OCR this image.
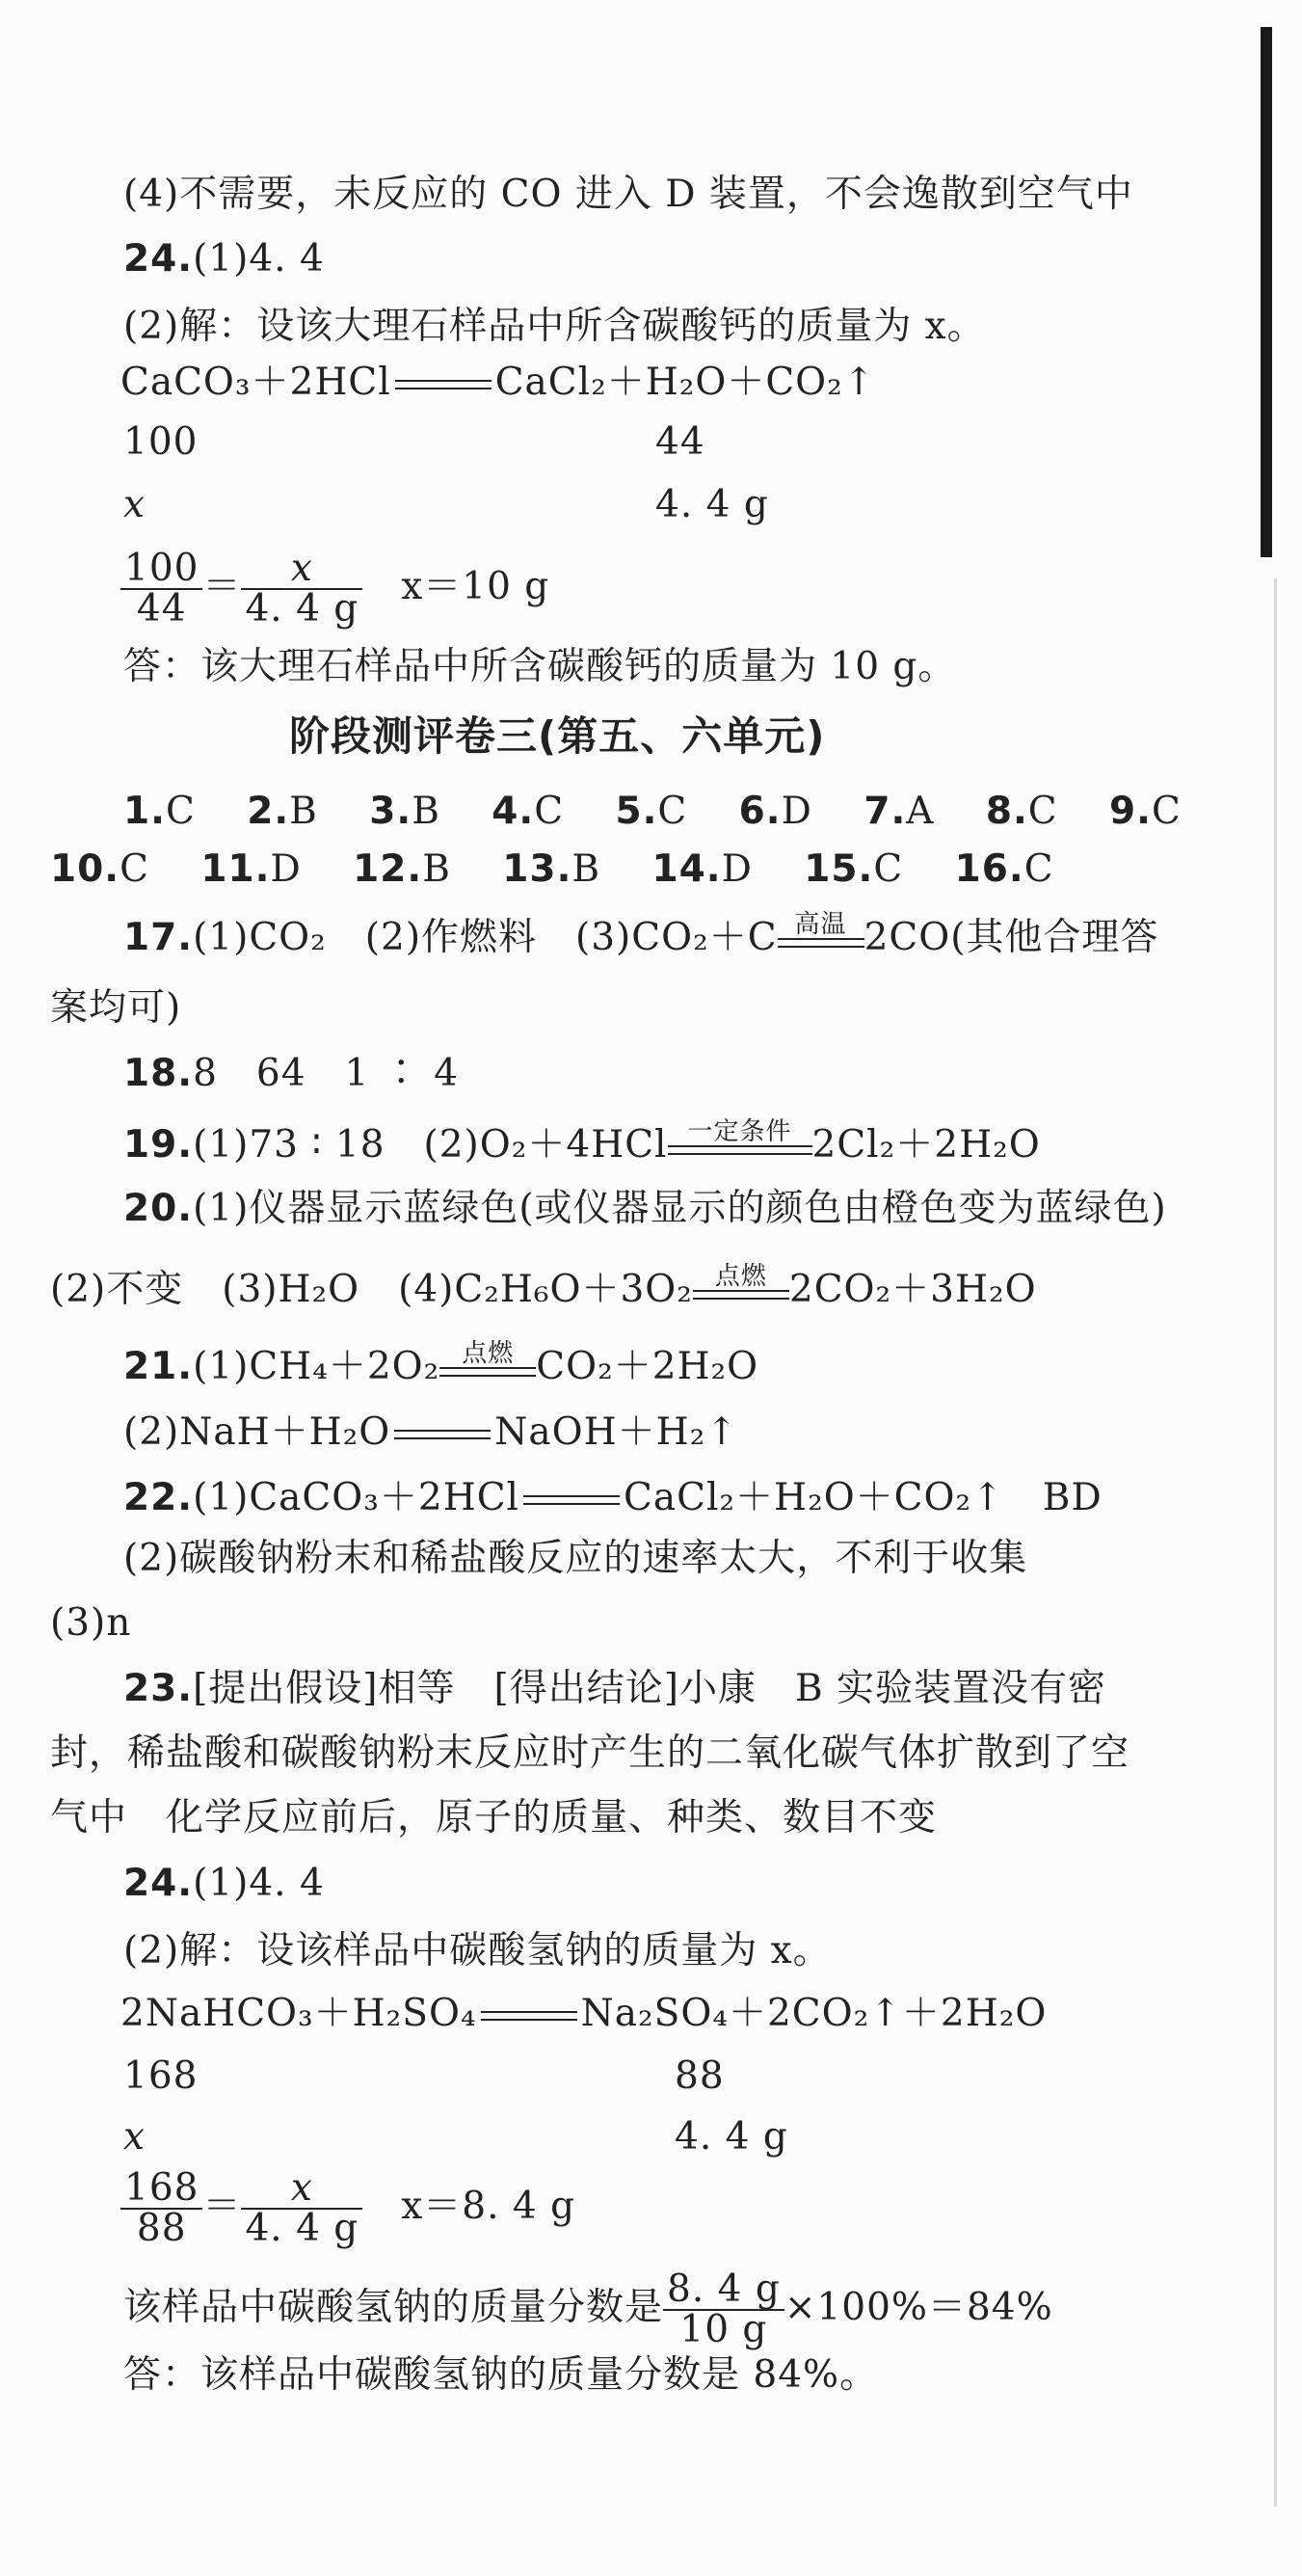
(4)不需要，未反应的 CO 进入 D 装置，不会逸散到空气中
24.(1)4. 4
(2)解：设该大理石样品中所含碳酸钙的质量为 x。
CaCO₃＋2HCl	CaCl₂＋H₂O＋CO₂↑
100	44
x	4. 4 g
$\frac{100}{44} = \frac{x}{4. 4 g}$
　 x＝10 g
答：该大理石样品中所含碳酸钙的质量为 10 g。
阶段测评卷三(第五、六单元)
1.C　 2.B　 3.B　 4.C　 5.C　 6.D　 7.A　 8.C　 9.C
10.C　 11.D　 12.B　 13.B　 14.D　 15.C　 16.C
17.(1)CO₂　(2)作燃料　(3)CO₂＋C 高温 2CO(其他合理答
案均可)
18.8　64　1 ∶ 4
19.(1)73 ∶ 18　(2)O₂＋4HCl 一定条件 2Cl₂＋2H₂O
20.(1)仪器显示蓝绿色(或仪器显示的颜色由橙色变为蓝绿色)
(2)不变　(3)H₂O　(4)C₂H₆O＋3O₂ 点燃 2CO₂＋3H₂O
21.(1)CH₄＋2O₂ 点燃 CO₂＋2H₂O
(2)NaH＋H₂O	NaOH＋H₂↑
22.(1)CaCO₃＋2HCl	CaCl₂＋H₂O＋CO₂↑　BD
(2)碳酸钠粉末和稀盐酸反应的速率太大，不利于收集
(3)n
23.[提出假设]相等　[得出结论]小康　B 实验装置没有密
封，稀盐酸和碳酸钠粉末反应时产生的二氧化碳气体扩散到了空
气中　化学反应前后，原子的质量、种类、数目不变
24.(1)4. 4
(2)解：设该样品中碳酸氢钠的质量为 x。
2NaHCO₃＋H₂SO₄	Na₂SO₄＋2CO₂↑＋2H₂O
168	88
x	4. 4 g
$\frac{168}{88} = \frac{x}{4. 4 g}$
　 x＝8. 4 g
该样品中碳酸氢钠的质量分数是 $\frac{8. 4 g}{10 g} \times 100\%=84\%$
答：该样品中碳酸氢钠的质量分数是 84%。
